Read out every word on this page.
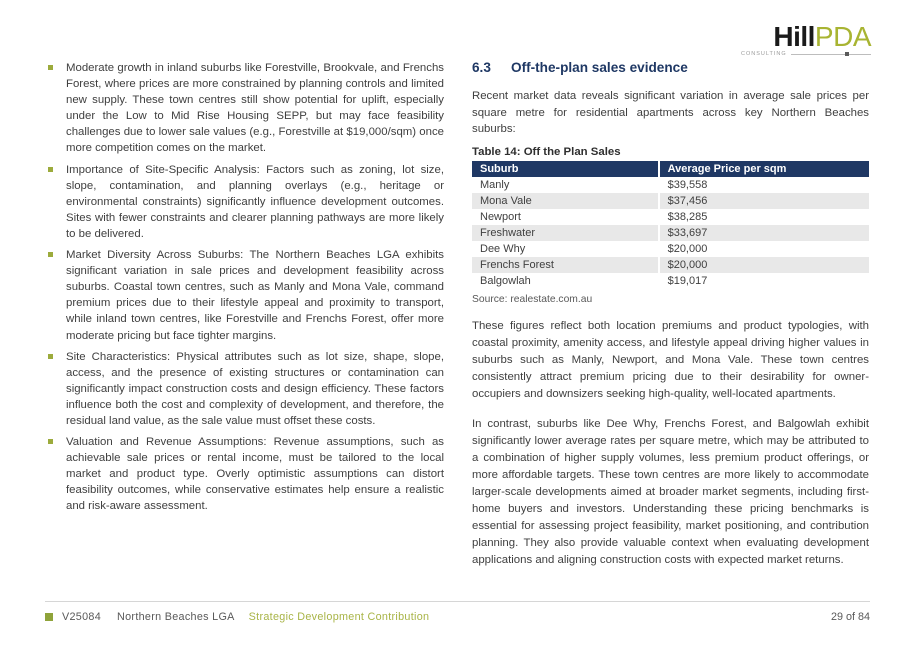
HillPDA
CONSULTING
Moderate growth in inland suburbs like Forestville, Brookvale, and Frenchs Forest, where prices are more constrained by planning controls and limited new supply. These town centres still show potential for uplift, especially under the Low to Mid Rise Housing SEPP, but may face feasibility challenges due to lower sale values (e.g., Forestville at $19,000/sqm) once more competition comes on the market.
Importance of Site-Specific Analysis: Factors such as zoning, lot size, slope, contamination, and planning overlays (e.g., heritage or environmental constraints) significantly influence development outcomes. Sites with fewer constraints and clearer planning pathways are more likely to be delivered.
Market Diversity Across Suburbs: The Northern Beaches LGA exhibits significant variation in sale prices and development feasibility across suburbs. Coastal town centres, such as Manly and Mona Vale, command premium prices due to their lifestyle appeal and proximity to transport, while inland town centres, like Forestville and Frenchs Forest, offer more moderate pricing but face tighter margins.
Site Characteristics: Physical attributes such as lot size, shape, slope, access, and the presence of existing structures or contamination can significantly impact construction costs and design efficiency. These factors influence both the cost and complexity of development, and therefore, the residual land value, as the sale value must offset these costs.
Valuation and Revenue Assumptions: Revenue assumptions, such as achievable sale prices or rental income, must be tailored to the local market and product type. Overly optimistic assumptions can distort feasibility outcomes, while conservative estimates help ensure a realistic and risk-aware assessment.
6.3	Off-the-plan sales evidence

Recent market data reveals significant variation in average sale prices per square metre for residential apartments across key Northern Beaches suburbs:

Table 14: Off the Plan Sales
Suburb	Average Price per sqm
Manly	$39,558
Mona Vale	$37,456
Newport	$38,285
Freshwater	$33,697
Dee Why	$20,000
Frenchs Forest	$20,000
Balgowlah	$19,017
Source: realestate.com.au

These figures reflect both location premiums and product typologies, with coastal proximity, amenity access, and lifestyle appeal driving higher values in suburbs such as Manly, Newport, and Mona Vale. These town centres consistently attract premium pricing due to their desirability for owner-occupiers and downsizers seeking high-quality, well-located apartments.

In contrast, suburbs like Dee Why, Frenchs Forest, and Balgowlah exhibit significantly lower average rates per square metre, which may be attributed to a combination of higher supply volumes, less premium product offerings, or more affordable targets. These town centres are more likely to accommodate larger-scale developments aimed at broader market segments, including first-home buyers and investors. Understanding these pricing benchmarks is essential for assessing project feasibility, market positioning, and contribution planning. They also provide valuable context when evaluating development applications and aligning construction costs with expected market returns.

V25084 Northern Beaches LGA Strategic Development Contribution	29 of 84
